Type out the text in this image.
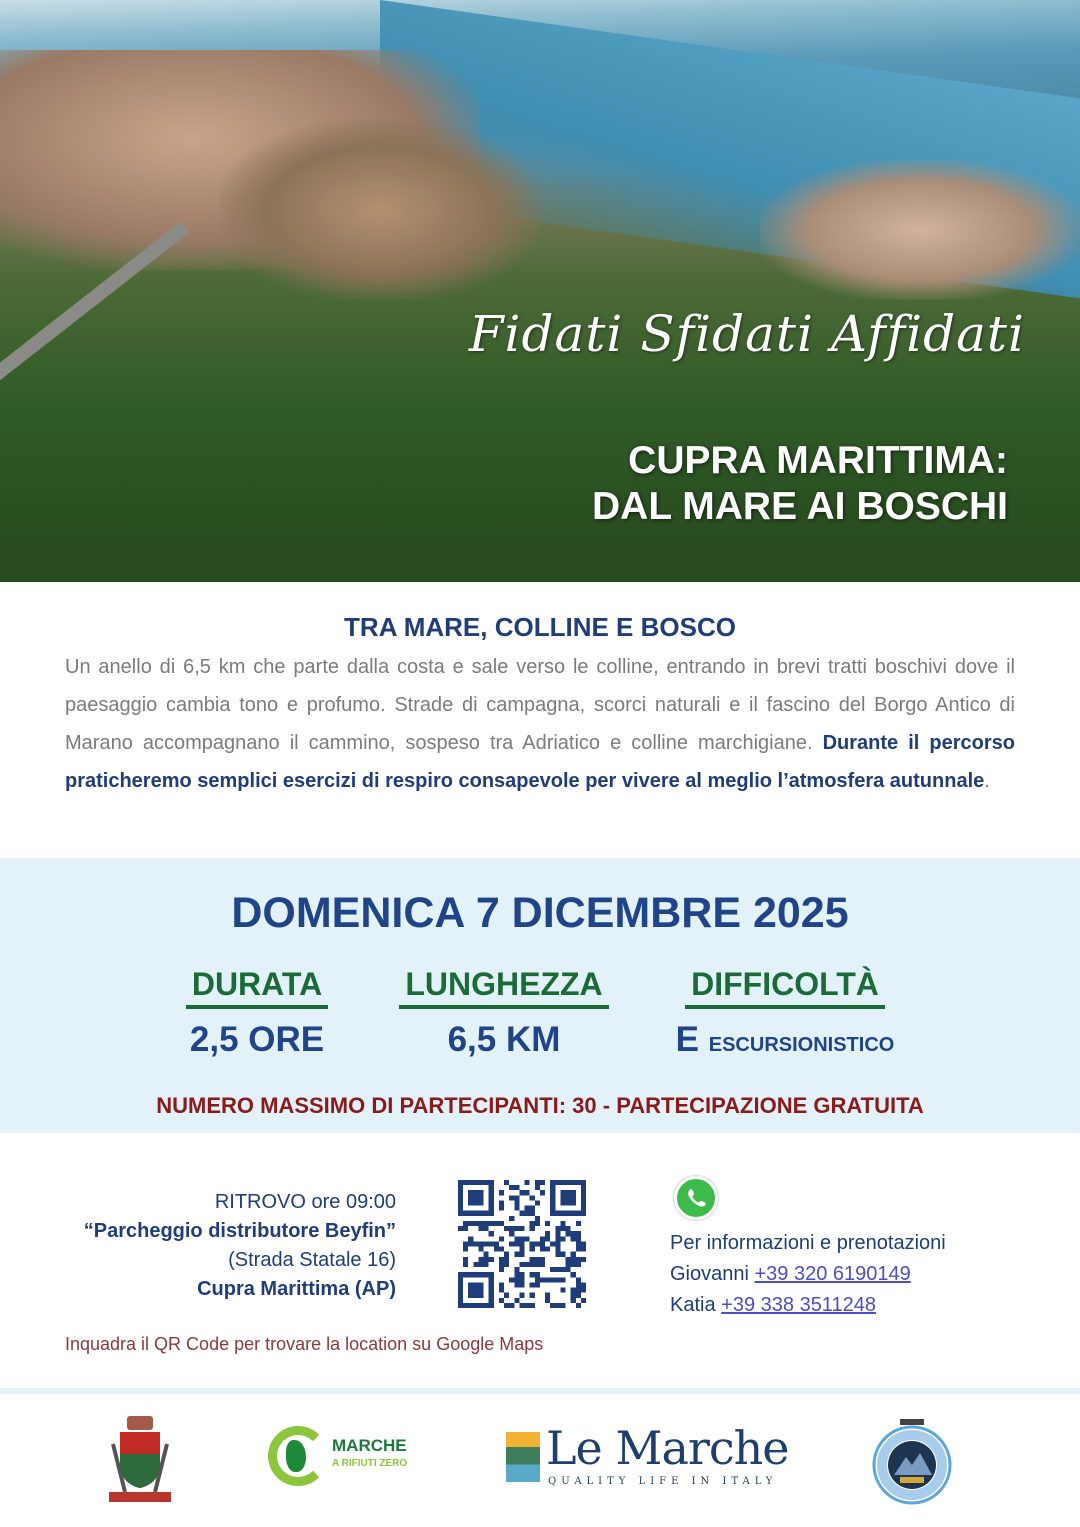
Fidati Sfidati Affidati
CUPRA MARITTIMA:
DAL MARE AI BOSCHI
TRA MARE, COLLINE E BOSCO

Un anello di 6,5 km che parte dalla costa e sale verso le colline, entrando in brevi tratti boschivi dove il paesaggio cambia tono e profumo. Strade di campagna, scorci naturali e il fascino del Borgo Antico di Marano accompagnano il cammino, sospeso tra Adriatico e colline marchigiane. Durante il percorso praticheremo semplici esercizi di respiro consapevole per vivere al meglio l’atmosfera autunnale.

DOMENICA 7 DICEMBRE 2025
DURATA
2,5 ORE
LUNGHEZZA
6,5 KM
DIFFICOLTÀ
E ESCURSIONISTICO
NUMERO MASSIMO DI PARTECIPANTI: 30 - PARTECIPAZIONE GRATUITA
RITROVO ore 09:00
“Parcheggio distributore Beyfin”
(Strada Statale 16)
Cupra Marittima (AP)
Inquadra il QR Code per trovare la location su Google Maps
Per informazioni e prenotazioni
Giovanni +39 320 6190149
Katia +39 338 3511248
MARCHE
A RIFIUTI ZERO	Le Marche
QUALITY LIFE IN ITALY
